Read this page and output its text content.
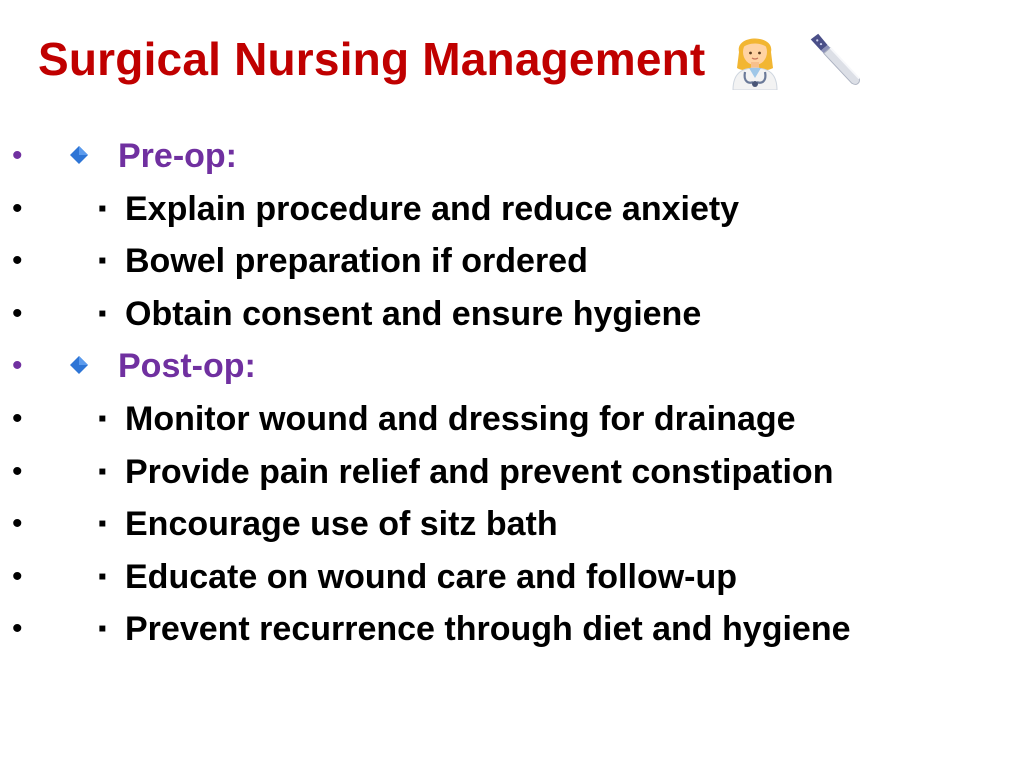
Surgical Nursing Management
•	Pre-op:
•	▪ Explain procedure and reduce anxiety
•	▪ Bowel preparation if ordered
•	▪ Obtain consent and ensure hygiene
•	Post-op:
•	▪ Monitor wound and dressing for drainage
•	▪ Provide pain relief and prevent constipation
•	▪ Encourage use of sitz bath
•	▪ Educate on wound care and follow-up
•	▪ Prevent recurrence through diet and hygiene
